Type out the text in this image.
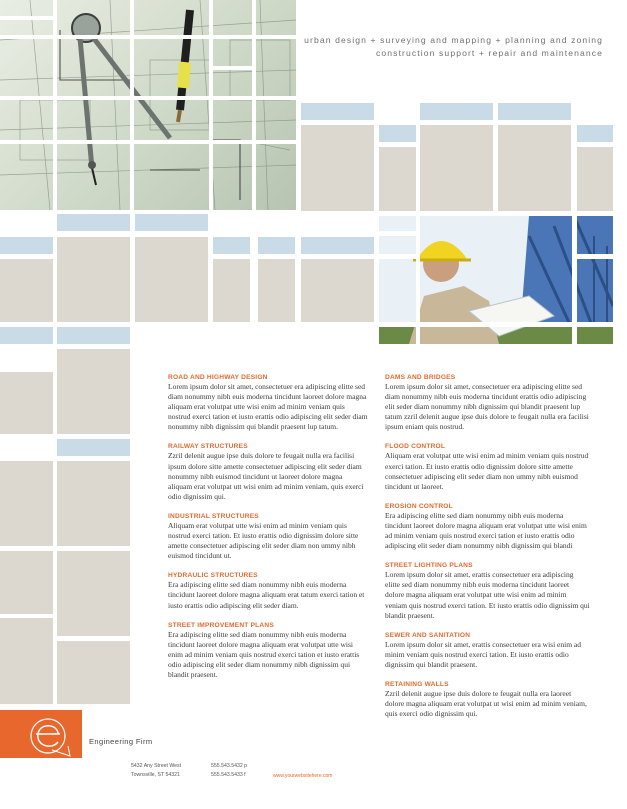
urban design + surveying and mapping + planning and zoning
construction support + repair and maintenance
ROAD AND HIGHWAY DESIGN

Lorem ipsum dolor sit amet, consectetuer era adipiscing elitte sed diam nonummy nibh euis moderna tincidunt laoreet dolore magna aliquam erat volutpat utte wisi enim ad minim veniam quis nostrud exerci tation et iusto erattis odio adipiscing elit seder diam nonummy nibh dignissim qui blandit praesent lup tatum.

RAILWAY STRUCTURES

Zzril delenit augue ipse duis dolore te feugait nulla era facilisi ipsum dolore sitte amette consectetuer adipiscing elit seder diam nonummy nibh euismod tincidunt ut laoreet dolore magna aliquam erat volutpat utt wisi enim ad minim veniam, quis exerci odio dignissim qui.

INDUSTRIAL STRUCTURES

Aliquam erat volutpat utte wisi enim ad minim veniam quis nostrud exerci tation. Et iusto erattis odio dignissim dolore sitte amette consectetuer adipiscing elit seder diam non ummy nibh euismod tincidunt ut.

HYDRAULIC STRUCTURES

Era adipiscing elitte sed diam nonummy nibh euis moderna tincidunt laoreet dolore magna aliquam erat tatum exerci tation et iusto erattis odio adipiscing elit seder diam.

STREET IMPROVEMENT PLANS

Era adipiscing elitte sed diam nonummy nibh euis moderna tincidunt laoreet dolore magna aliquam erat volutpat utte wisi enim ad minim veniam quis nostrud exerci tation et iusto erattis odio adipiscing elit seder diam nonummy nibh dignissim qui blandit praesent.

DAMS AND BRIDGES

Lorem ipsum dolor sit amet, consectetuer era adipiscing elitte sed diam nonummy nibh euis moderna tincidunt erattis odio adipiscing elit seder diam nonummy nibh dignissim qui blandit praesent lup tatum zzril delenit augue ipse duis dolore te feugait nulla era facilisi ipsum eniam quis nostrud.

FLOOD CONTROL

Aliquam erat volutpat utte wisi enim ad minim veniam quis nostrud exerci tation. Et iusto erattis odio dignissim dolore sitte amette consectetuer adipiscing elit seder diam non ummy nibh euismod tincidunt ut laoreet.

EROSION CONTROL

Era adipiscing elitte sed diam nonummy nibh euis moderna tincidunt laoreet dolore magna aliquam erat volutpat utte wisi enim ad minim veniam quis nostrud exerci tation et iusto erattis odio adipiscing elit seder diam nonummy nibh dignissim qui blandi

STREET LIGHTING PLANS

Lorem ipsum dolor sit amet, erattis consectetuer era adipiscing elitte sed diam nonummy nibh euis moderna tincidunt laoreet dolore magna aliquam erat volutpat utte wisi enim ad minim veniam quis nostrud exerci tation. Et iusto erattis odio dignissim qui blandit praesent.

SEWER AND SANITATION

Lorem ipsum dolor sit amet, erattis consectetuer era wisi enim ad minim veniam quis nostrud exerci tation. Et iusto erattis odio dignissim qui blandit praesent.

RETAINING WALLS

Zzril delenit augue ipse duis dolore te feugait nulla era laoreet dolore magna aliquam erat volutpat ut wisi enim ad minim veniam, quis exerci odio dignissim qui.

Engineering Firm
5432 Any Street West
Townsville, ST 54321
555.543.5432 p
555.543.5433 f	www.yourwebsitehere.com
